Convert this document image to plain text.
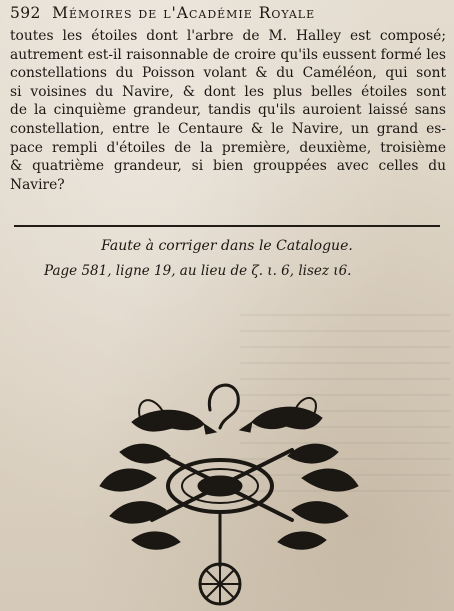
592 Mémoires de l'Académie Royale
toutes les étoiles dont l'arbre de M. Halley est composé;
autrement est-il raisonnable de croire qu'ils eussent formé les
constellations du Poisson volant & du Caméléon, qui sont
si voisines du Navire, & dont les plus belles étoiles sont
de la cinquième grandeur, tandis qu'ils auroient laissé sans
constellation, entre le Centaure & le Navire, un grand es-
pace rempli d'étoiles de la première, deuxième, troisième
& quatrième grandeur, si bien grouppées avec celles du
Navire?
Faute à corriger dans le Catalogue.
Page 581, ligne 19, au lieu de ζ. ι. 6, lisez ι6.
